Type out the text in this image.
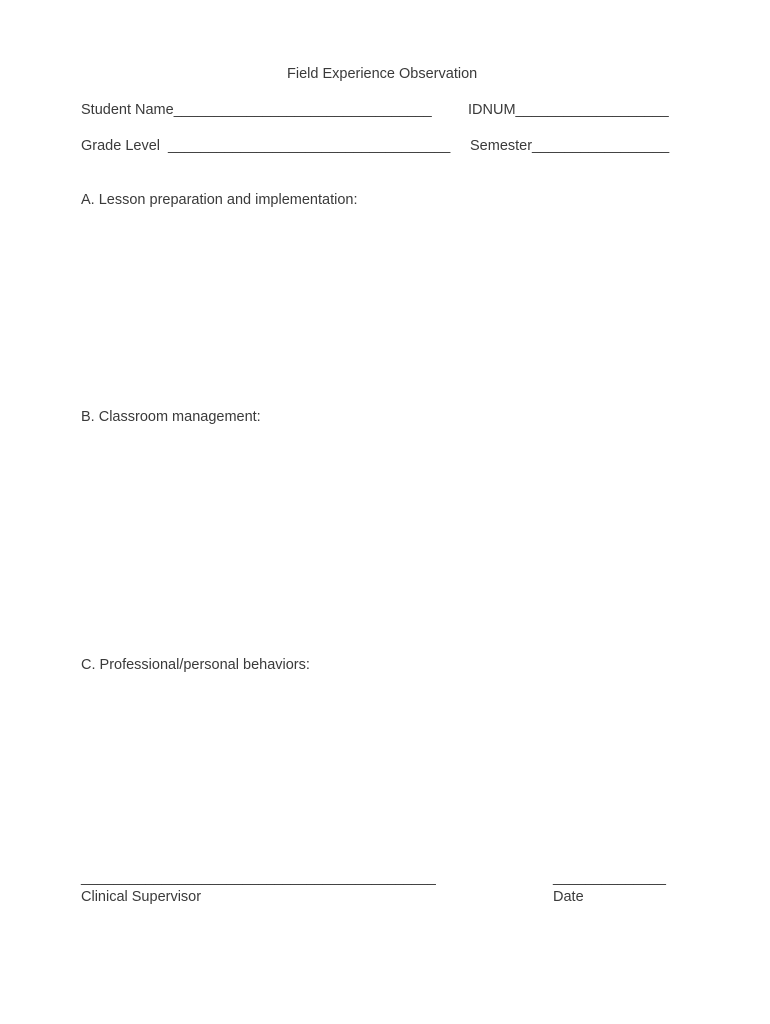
Field Experience Observation
Student Name________________________________	IDNUM___________________
Grade Level  ___________________________________ Semester_________________
A. Lesson preparation and implementation:
B. Classroom management:
C. Professional/personal behaviors:
____________________________________________	______________
Clinical Supervisor	Date
